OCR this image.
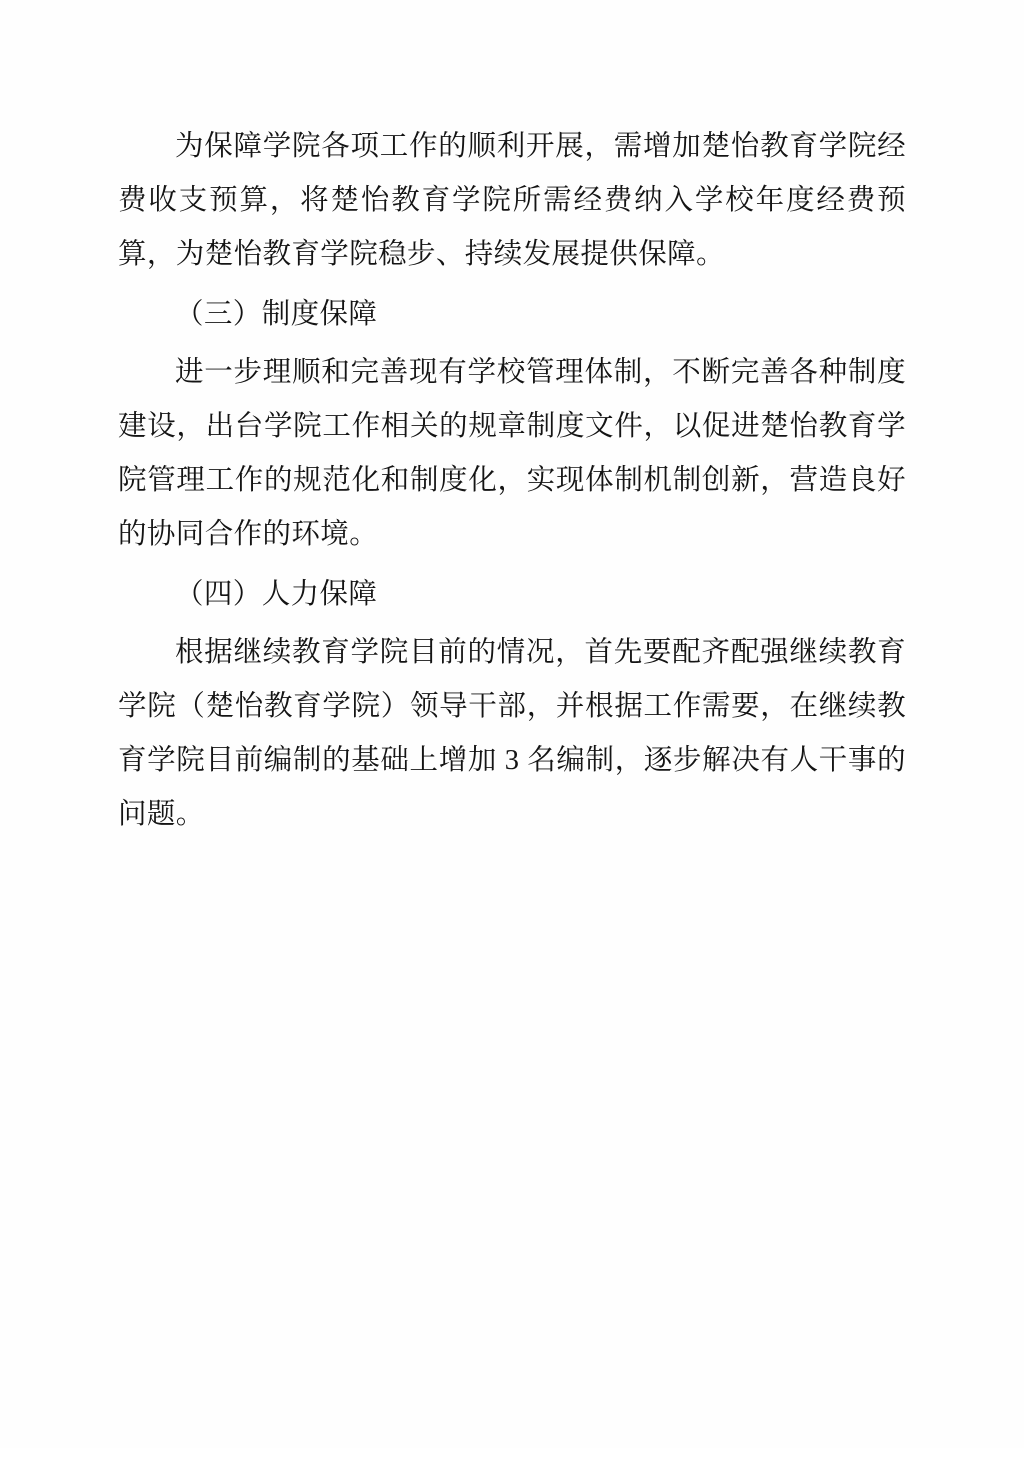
为保障学院各项工作的顺利开展，需增加楚怡教育学院经费收支预算，将楚怡教育学院所需经费纳入学校年度经费预算，为楚怡教育学院稳步、持续发展提供保障。

（三）制度保障

进一步理顺和完善现有学校管理体制，不断完善各种制度建设，出台学院工作相关的规章制度文件，以促进楚怡教育学院管理工作的规范化和制度化，实现体制机制创新，营造良好的协同合作的环境。

（四）人力保障

根据继续教育学院目前的情况，首先要配齐配强继续教育学院（楚怡教育学院）领导干部，并根据工作需要，在继续教育学院目前编制的基础上增加 3 名编制，逐步解决有人干事的问题。
